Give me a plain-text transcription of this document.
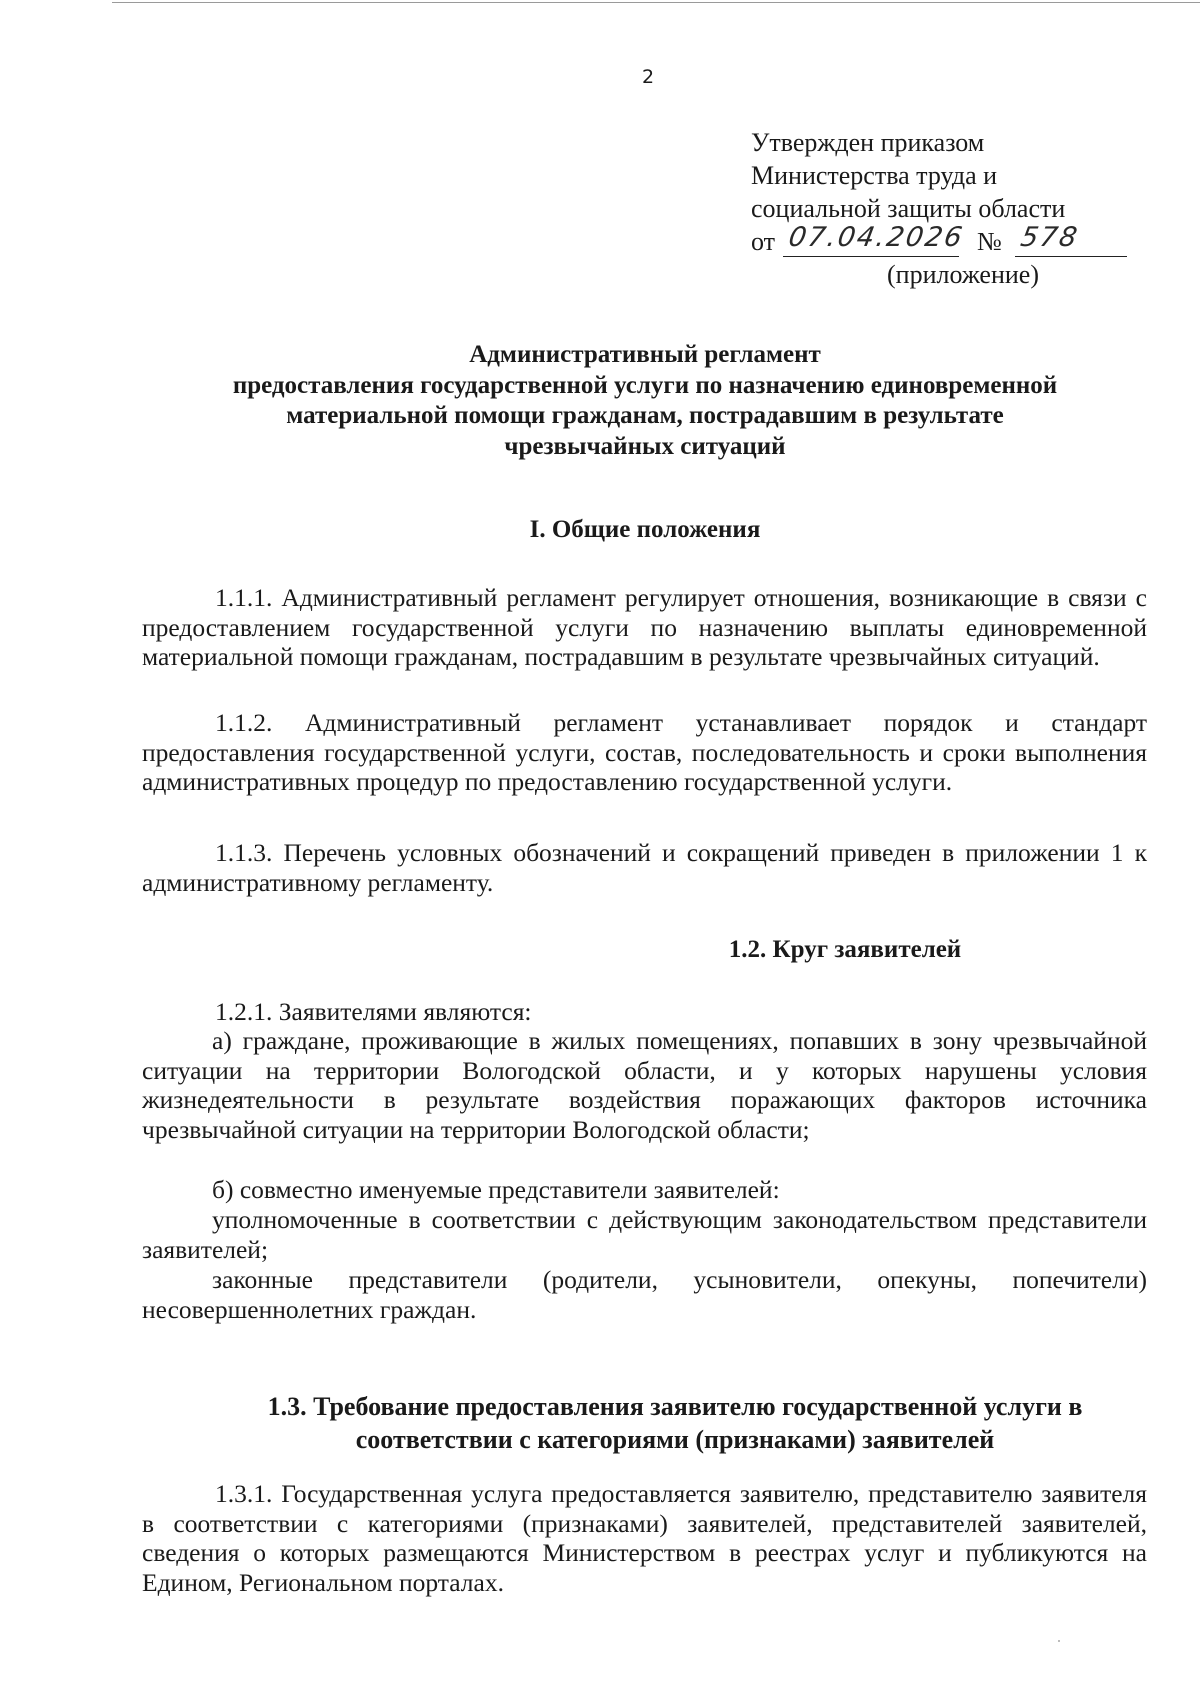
2
Утвержден приказом
Министерства труда и
социальной защиты области
от 07.04.2026 № 578
(приложение)
Административный регламент
предоставления государственной услуги по назначению единовременной
материальной помощи гражданам, пострадавшим в результате
чрезвычайных ситуаций
I. Общие положения

1.1.1. Административный регламент регулирует отношения, возникающие в связи с предоставлением государственной услуги по назначению выплаты единовременной материальной помощи гражданам, пострадавшим в результате чрезвычайных ситуаций.

1.1.2. Административный регламент устанавливает порядок и стандарт предоставления государственной услуги, состав, последовательность и сроки выполнения административных процедур по предоставлению государственной услуги.

1.1.3. Перечень условных обозначений и сокращений приведен в приложении 1 к административному регламенту.

1.2. Круг заявителей

1.2.1. Заявителями являются:

а) граждане, проживающие в жилых помещениях, попавших в зону чрезвычайной ситуации на территории Вологодской области, и у которых нарушены условия жизнедеятельности в результате воздействия поражающих факторов источника чрезвычайной ситуации на территории Вологодской области;

б) совместно именуемые представители заявителей:

уполномоченные в соответствии с действующим законодательством представители заявителей;

законные представители (родители, усыновители, опекуны, попечители) несовершеннолетних граждан.

1.3. Требование предоставления заявителю государственной услуги в соответствии с категориями (признаками) заявителей

1.3.1. Государственная услуга предоставляется заявителю, представителю заявителя в соответствии с категориями (признаками) заявителей, представителей заявителей, сведения о которых размещаются Министерством в реестрах услуг и публикуются на Едином, Региональном порталах.
